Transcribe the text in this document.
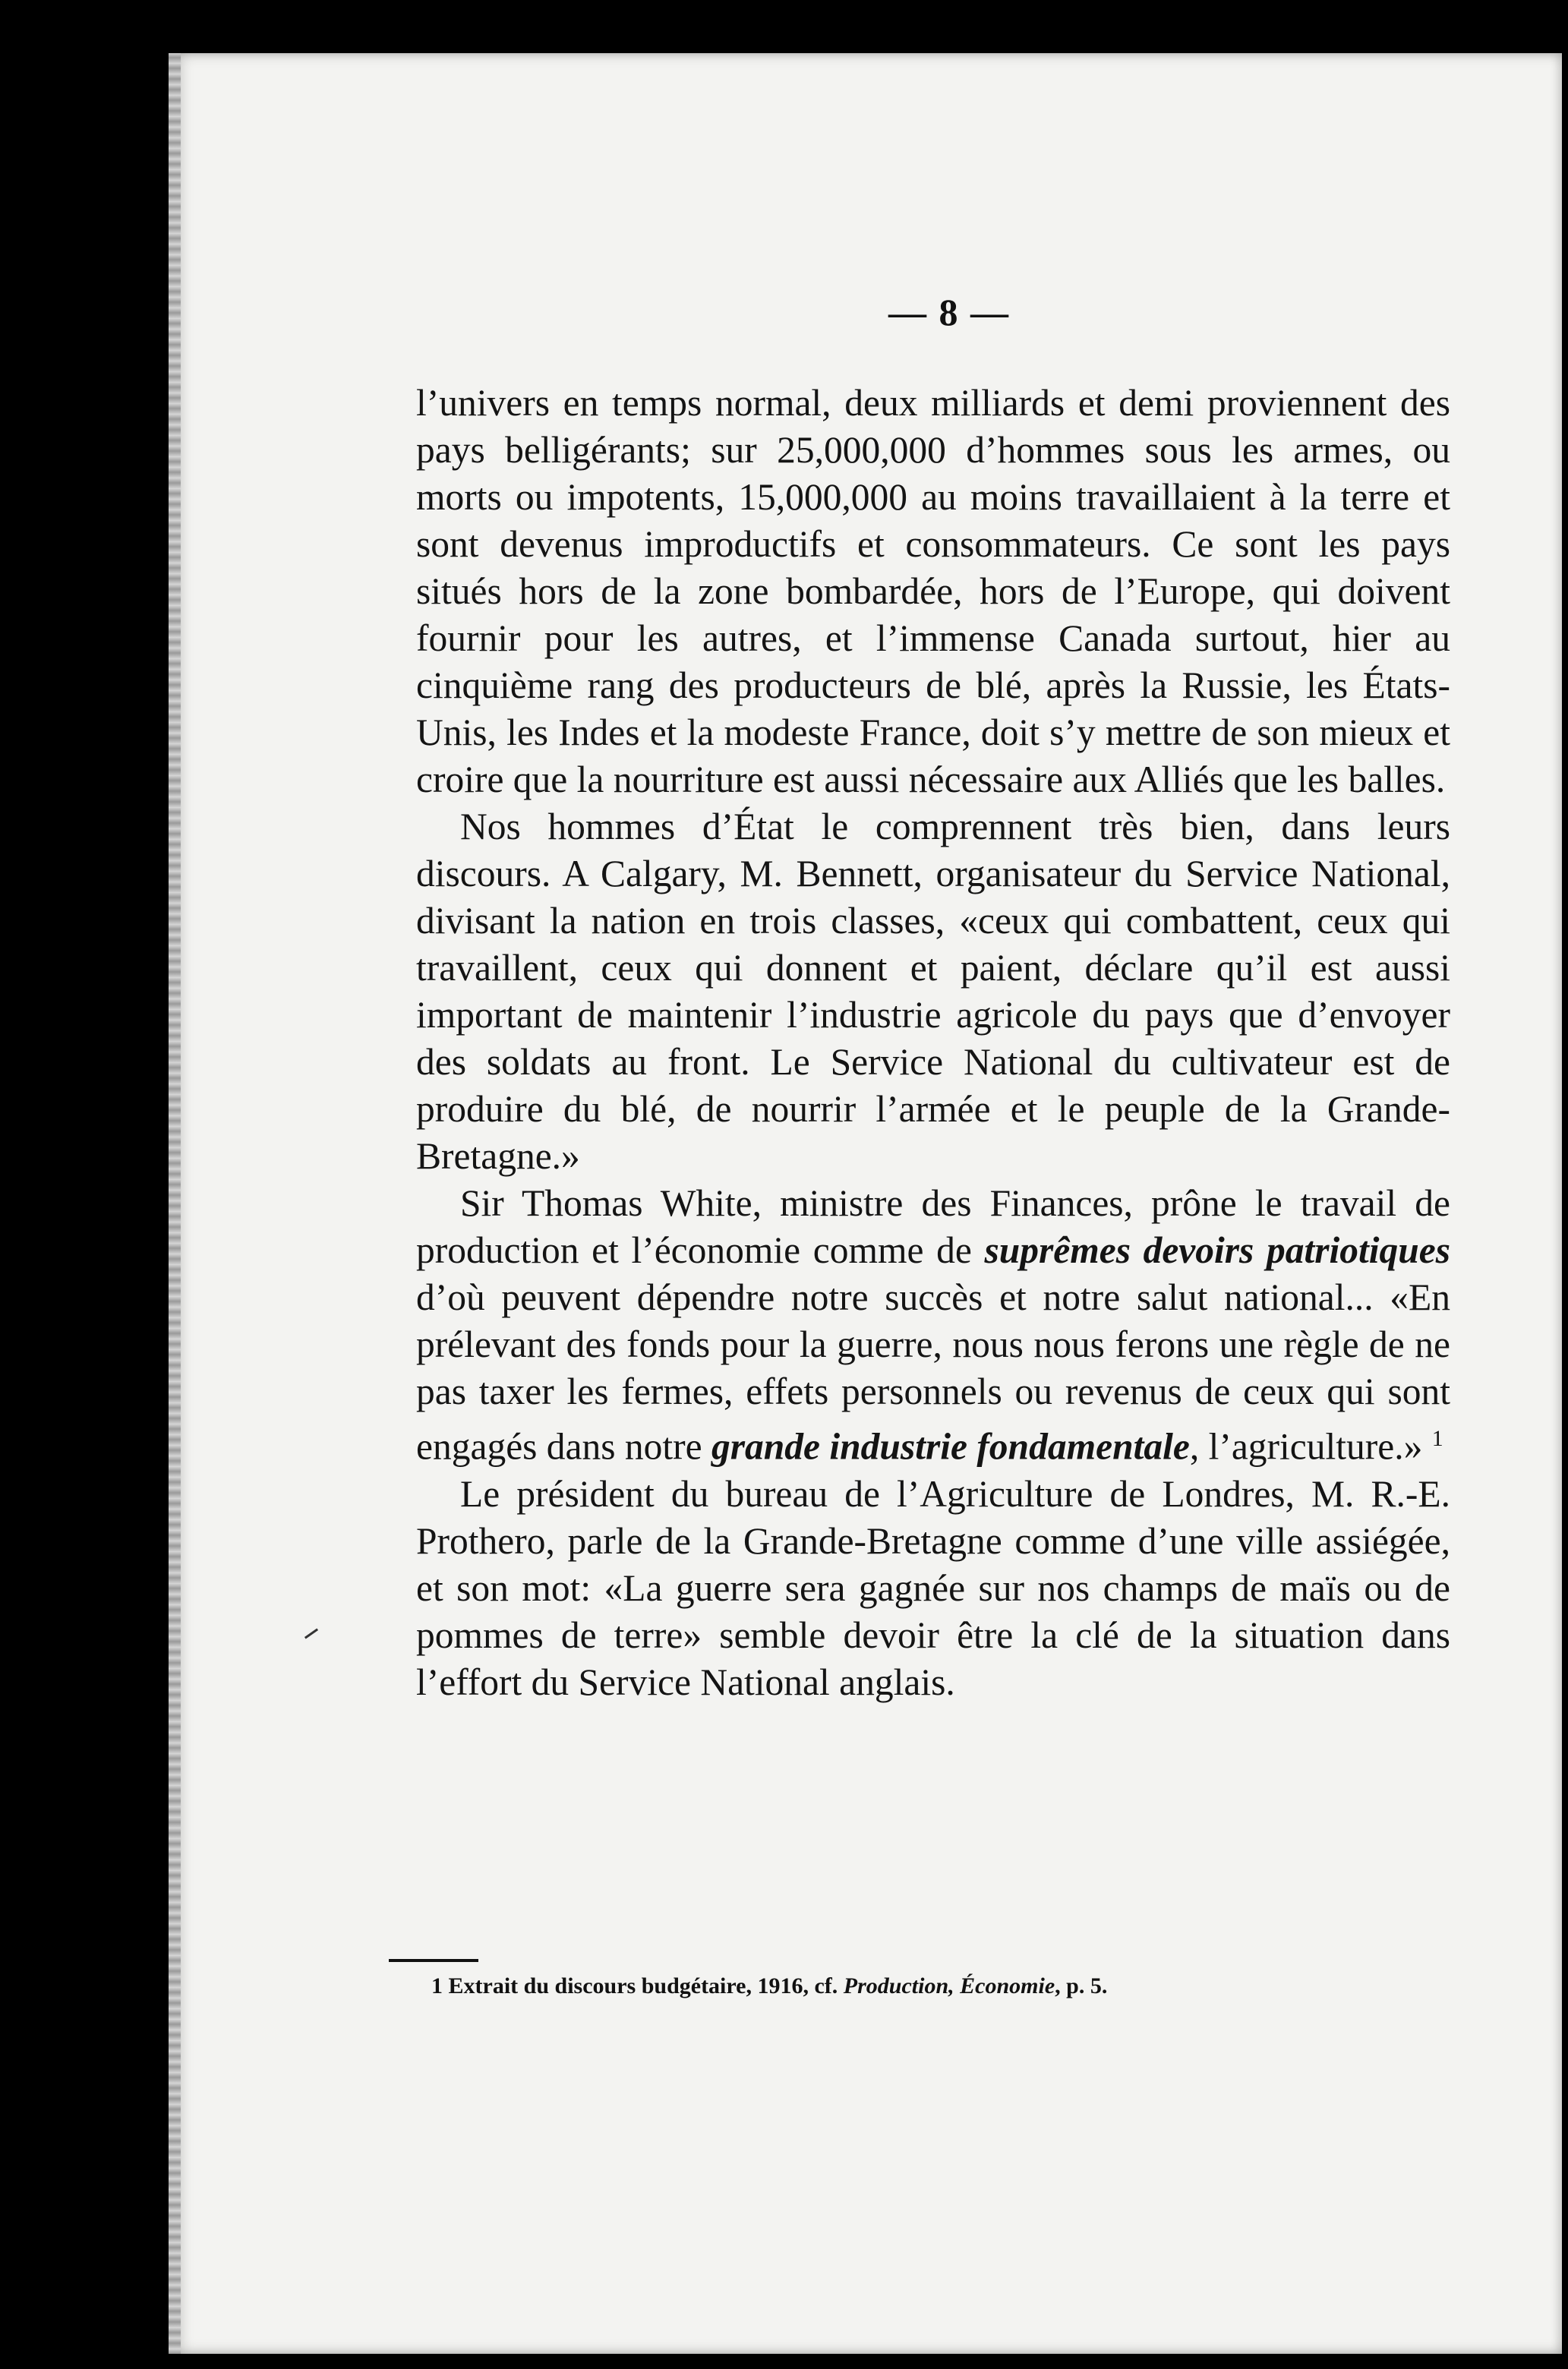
— 8 —

l’univers en temps normal, deux milliards et demi proviennent des pays belligérants; sur 25,000,000 d’hommes sous les armes, ou morts ou impotents, 15,000,000 au moins travaillaient à la terre et sont devenus improductifs et consommateurs. Ce sont les pays situés hors de la zone bombardée, hors de l’Europe, qui doivent fournir pour les autres, et l’immense Canada surtout, hier au cinquième rang des producteurs de blé, après la Russie, les États-Unis, les Indes et la modeste France, doit s’y mettre de son mieux et croire que la nourriture est aussi nécessaire aux Alliés que les balles.

Nos hommes d’État le comprennent très bien, dans leurs discours. A Calgary, M. Bennett, organisateur du Service National, divisant la nation en trois classes, «ceux qui combattent, ceux qui travaillent, ceux qui donnent et paient, déclare qu’il est aussi important de maintenir l’industrie agricole du pays que d’envoyer des soldats au front. Le Service National du cultivateur est de produire du blé, de nourrir l’armée et le peuple de la Grande-Bretagne.»

Sir Thomas White, ministre des Finances, prône le travail de production et l’économie comme de suprêmes devoirs patriotiques d’où peuvent dépendre notre succès et notre salut national... «En prélevant des fonds pour la guerre, nous nous ferons une règle de ne pas taxer les fermes, effets personnels ou revenus de ceux qui sont engagés dans notre grande industrie fondamentale, l’agriculture.» $^1$

Le président du bureau de l’Agriculture de Londres, M. R.-E. Prothero, parle de la Grande-Bretagne comme d’une ville assiégée, et son mot: «La guerre sera gagnée sur nos champs de maïs ou de pommes de terre» semble devoir être la clé de la situation dans l’effort du Service National anglais.

1 Extrait du discours budgétaire, 1916, cf. Production, Économie, p. 5.
